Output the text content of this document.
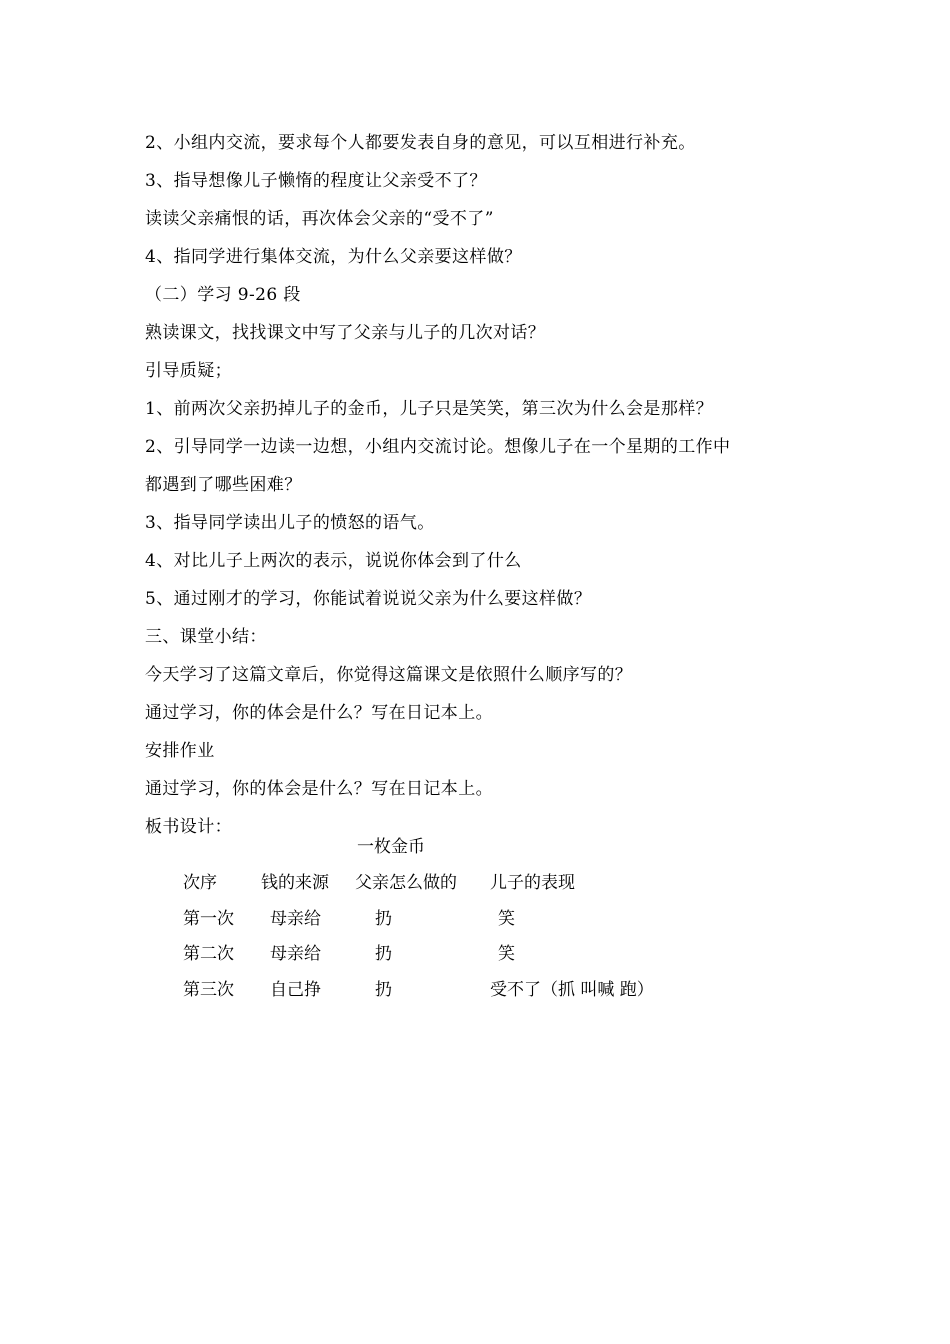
2、小组内交流，要求每个人都要发表自身的意见，可以互相进行补充。
3、指导想像儿子懒惰的程度让父亲受不了？
读读父亲痛恨的话，再次体会父亲的“受不了”
4、指同学进行集体交流，为什么父亲要这样做？
（二）学习 9-26 段
熟读课文，找找课文中写了父亲与儿子的几次对话？
引导质疑；
1、前两次父亲扔掉儿子的金币，儿子只是笑笑，第三次为什么会是那样？
2、引导同学一边读一边想，小组内交流讨论。想像儿子在一个星期的工作中
都遇到了哪些困难？
3、指导同学读出儿子的愤怒的语气。
4、对比儿子上两次的表示，说说你体会到了什么
5、通过刚才的学习，你能试着说说父亲为什么要这样做？
三、课堂小结：
今天学习了这篇文章后，你觉得这篇课文是依照什么顺序写的？
通过学习，你的体会是什么？写在日记本上。
安排作业
通过学习，你的体会是什么？写在日记本上。
板书设计：
一枚金币
次序	钱的来源 父亲怎么做的 儿子的表现
第一次 母亲给	扔	笑
第二次 母亲给	扔	笑
第三次 自己挣	扔	受不了（抓 叫喊 跑）
